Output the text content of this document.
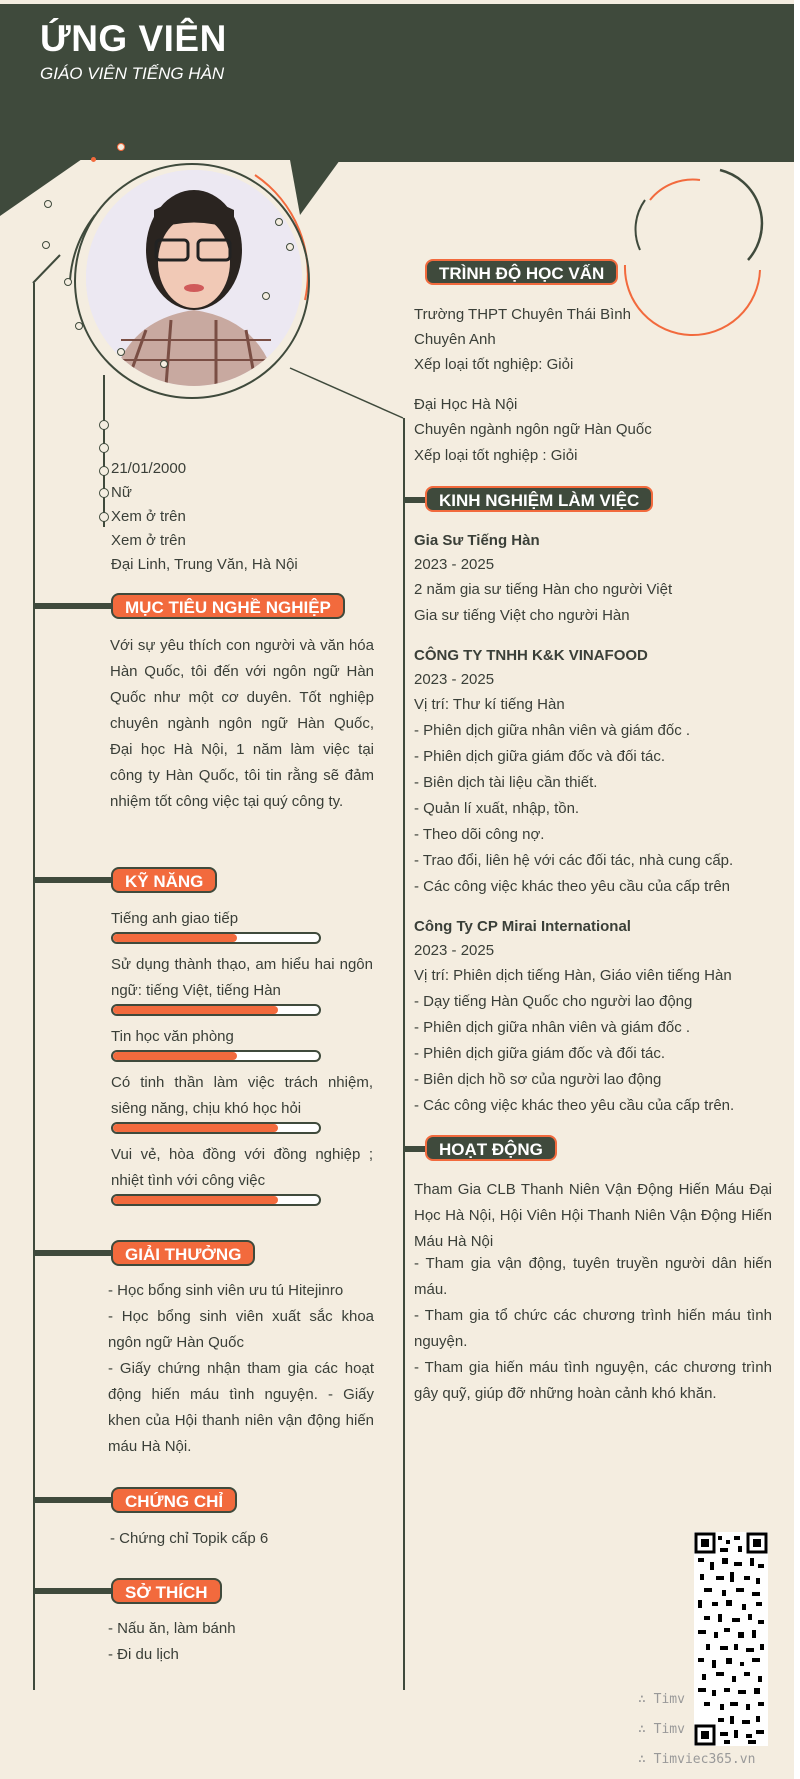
ỨNG VIÊN
GIÁO VIÊN TIẾNG HÀN
21/01/2000
Nữ
Xem ở trên
Xem ở trên
Đại Linh, Trung Văn, Hà Nội
MỤC TIÊU NGHỀ NGHIỆP
Với sự yêu thích con người và văn hóa Hàn Quốc, tôi đến với ngôn ngữ Hàn Quốc như một cơ duyên. Tốt nghiệp chuyên ngành ngôn ngữ Hàn Quốc, Đại học Hà Nội, 1 năm làm việc tại công ty Hàn Quốc, tôi tin rằng sẽ đảm nhiệm tốt công việc tại quý công ty.
KỸ NĂNG
Tiếng anh giao tiếp
Sử dụng thành thạo, am hiểu hai ngôn ngữ: tiếng Việt, tiếng Hàn
Tin học văn phòng
Có tinh thần làm việc trách nhiệm, siêng năng, chịu khó học hỏi
Vui vẻ, hòa đồng với đồng nghiệp ; nhiệt tình với công việc
GIẢI THƯỞNG
- Học bổng sinh viên ưu tú Hitejinro
- Học bổng sinh viên xuất sắc khoa ngôn ngữ Hàn Quốc
- Giấy chứng nhận tham gia các hoạt động hiến máu tình nguyện. - Giấy khen của Hội thanh niên vận động hiến máu Hà Nội.
CHỨNG CHỈ
- Chứng chỉ Topik cấp 6
SỞ THÍCH
- Nấu ăn, làm bánh
- Đi du lịch
TRÌNH ĐỘ HỌC VẤN
Trường THPT Chuyên Thái Bình
Chuyên Anh
Xếp loại tốt nghiệp: Giỏi
Đại Học Hà Nội
Chuyên ngành ngôn ngữ Hàn Quốc
Xếp loại tốt nghiệp : Giỏi
KINH NGHIỆM LÀM VIỆC
Gia Sư Tiếng Hàn
2023 - 2025
2 năm gia sư tiếng Hàn cho người Việt
Gia sư tiếng Việt cho người Hàn
CÔNG TY TNHH K&K VINAFOOD
2023 - 2025
Vị trí: Thư kí tiếng Hàn
- Phiên dịch giữa nhân viên và giám đốc .
- Phiên dịch giữa giám đốc và đối tác.
- Biên dịch tài liệu cần thiết.
- Quản lí xuất, nhập, tồn.
- Theo dõi công nợ.
- Trao đổi, liên hệ với các đối tác, nhà cung cấp.
- Các công việc khác theo yêu cầu của cấp trên
Công Ty CP Mirai International
2023 - 2025
Vị trí: Phiên dịch tiếng Hàn, Giáo viên tiếng Hàn
- Dạy tiếng Hàn Quốc cho người lao động
- Phiên dịch giữa nhân viên và giám đốc .
- Phiên dịch giữa giám đốc và đối tác.
- Biên dịch hồ sơ của người lao động
- Các công việc khác theo yêu cầu của cấp trên.
HOẠT ĐỘNG
Tham Gia CLB Thanh Niên Vận Động Hiến Máu Đại Học Hà Nội, Hội Viên Hội Thanh Niên Vận Động Hiến Máu Hà Nội
- Tham gia vận động, tuyên truyền người dân hiến máu.
- Tham gia tổ chức các chương trình hiến máu tình nguyện.
- Tham gia hiến máu tình nguyện, các chương trình gây quỹ, giúp đỡ những hoàn cảnh khó khăn.
∴ Timv
∴ Timv
∴ Timviec365.vn
